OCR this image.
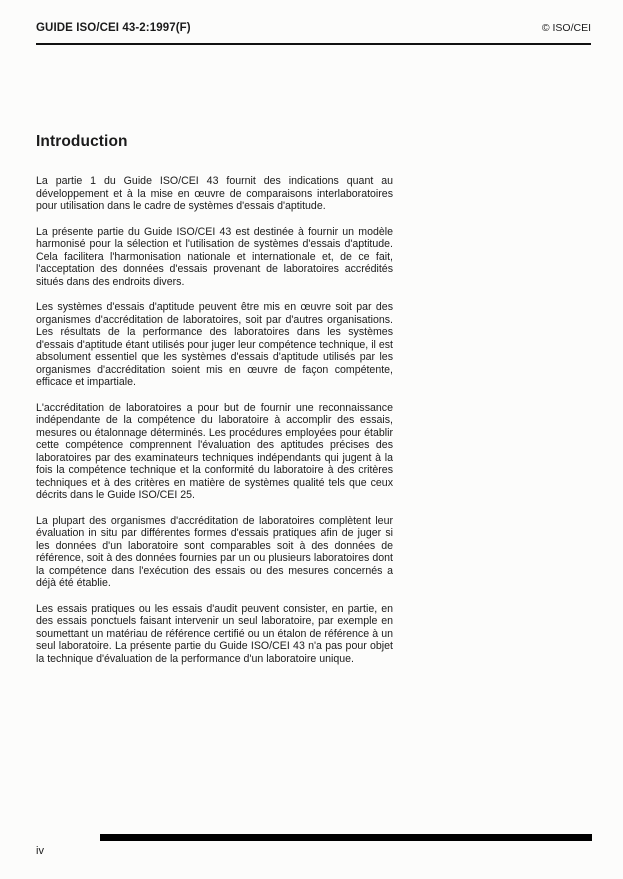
GUIDE ISO/CEI 43-2:1997(F)	© ISO/CEI
Introduction

La partie 1 du Guide ISO/CEI 43 fournit des indications quant au développement et à la mise en œuvre de comparaisons interlaboratoires pour utilisation dans le cadre de systèmes d'essais d'aptitude.

La présente partie du Guide ISO/CEI 43 est destinée à fournir un modèle harmonisé pour la sélection et l'utilisation de systèmes d'essais d'aptitude. Cela facilitera l'harmonisation nationale et internationale et, de ce fait, l'acceptation des données d'essais provenant de laboratoires accrédités situés dans des endroits divers.

Les systèmes d'essais d'aptitude peuvent être mis en œuvre soit par des organismes d'accréditation de laboratoires, soit par d'autres organisations. Les résultats de la performance des laboratoires dans les systèmes d'essais d'aptitude étant utilisés pour juger leur compétence technique, il est absolument essentiel que les systèmes d'essais d'aptitude utilisés par les organismes d'accréditation soient mis en œuvre de façon compétente, efficace et impartiale.

L'accréditation de laboratoires a pour but de fournir une reconnaissance indépendante de la compétence du laboratoire à accomplir des essais, mesures ou étalonnage déterminés. Les procédures employées pour établir cette compétence comprennent l'évaluation des aptitudes précises des laboratoires par des examinateurs techniques indépendants qui jugent à la fois la compétence technique et la conformité du laboratoire à des critères techniques et à des critères en matière de systèmes qualité tels que ceux décrits dans le Guide ISO/CEI 25.

La plupart des organismes d'accréditation de laboratoires complètent leur évaluation in situ par différentes formes d'essais pratiques afin de juger si les données d'un laboratoire sont comparables soit à des données de référence, soit à des données fournies par un ou plusieurs laboratoires dont la compétence dans l'exécution des essais ou des mesures concernés a déjà été établie.

Les essais pratiques ou les essais d'audit peuvent consister, en partie, en des essais ponctuels faisant intervenir un seul laboratoire, par exemple en soumettant un matériau de référence certifié ou un étalon de référence à un seul laboratoire. La présente partie du Guide ISO/CEI 43 n'a pas pour objet la technique d'évaluation de la performance d'un laboratoire unique.

iv
